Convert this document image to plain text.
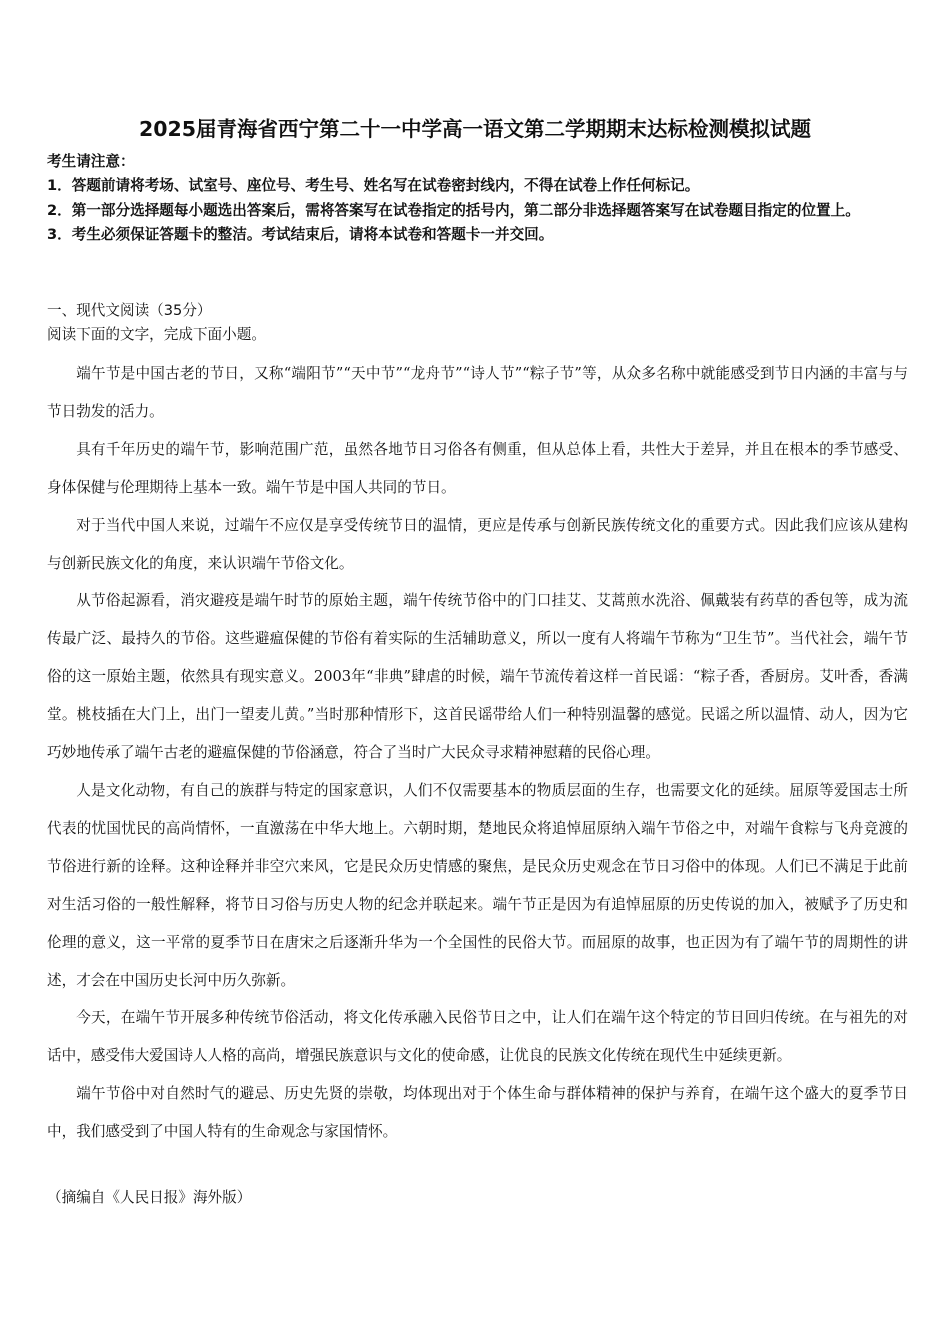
2025届青海省西宁第二十一中学高一语文第二学期期末达标检测模拟试题
考生请注意：
1．答题前请将考场、试室号、座位号、考生号、姓名写在试卷密封线内，不得在试卷上作任何标记。
2．第一部分选择题每小题选出答案后，需将答案写在试卷指定的括号内，第二部分非选择题答案写在试卷题目指定的位置上。
3．考生必须保证答题卡的整洁。考试结束后，请将本试卷和答题卡一并交回。
一、现代文阅读（35分）
阅读下面的文字，完成下面小题。

端午节是中国古老的节日，又称“端阳节”“天中节”“龙舟节”“诗人节”“粽子节”等，从众多名称中就能感受到节日内涵的丰富与与节日勃发的活力。

具有千年历史的端午节，影响范围广范，虽然各地节日习俗各有侧重，但从总体上看，共性大于差异，并且在根本的季节感受、身体保健与伦理期待上基本一致。端午节是中国人共同的节日。

对于当代中国人来说，过端午不应仅是享受传统节日的温情，更应是传承与创新民族传统文化的重要方式。因此我们应该从建构与创新民族文化的角度，来认识端午节俗文化。

从节俗起源看，消灾避疫是端午时节的原始主题，端午传统节俗中的门口挂艾、艾蒿煎水洗浴、佩戴装有药草的香包等，成为流传最广泛、最持久的节俗。这些避瘟保健的节俗有着实际的生活辅助意义，所以一度有人将端午节称为“卫生节”。当代社会，端午节俗的这一原始主题，依然具有现实意义。2003年“非典”肆虐的时候，端午节流传着这样一首民谣：“粽子香，香厨房。艾叶香，香满堂。桃枝插在大门上，出门一望麦儿黄。”当时那种情形下，这首民谣带给人们一种特别温馨的感觉。民谣之所以温情、动人，因为它巧妙地传承了端午古老的避瘟保健的节俗涵意，符合了当时广大民众寻求精神慰藉的民俗心理。

人是文化动物，有自己的族群与特定的国家意识，人们不仅需要基本的物质层面的生存，也需要文化的延续。屈原等爱国志士所代表的忧国忧民的高尚情怀，一直激荡在中华大地上。六朝时期，楚地民众将追悼屈原纳入端午节俗之中，对端午食粽与飞舟竞渡的节俗进行新的诠释。这种诠释并非空穴来风，它是民众历史情感的聚焦，是民众历史观念在节日习俗中的体现。人们已不满足于此前对生活习俗的一般性解释，将节日习俗与历史人物的纪念并联起来。端午节正是因为有追悼屈原的历史传说的加入，被赋予了历史和伦理的意义，这一平常的夏季节日在唐宋之后逐渐升华为一个全国性的民俗大节。而屈原的故事，也正因为有了端午节的周期性的讲述，才会在中国历史长河中历久弥新。

今天，在端午节开展多种传统节俗活动，将文化传承融入民俗节日之中，让人们在端午这个特定的节日回归传统。在与祖先的对话中，感受伟大爱国诗人人格的高尚，增强民族意识与文化的使命感，让优良的民族文化传统在现代生中延续更新。

端午节俗中对自然时气的避忌、历史先贤的崇敬，均体现出对于个体生命与群体精神的保护与养育，在端午这个盛大的夏季节日中，我们感受到了中国人特有的生命观念与家国情怀。

（摘编自《人民日报》海外版）
